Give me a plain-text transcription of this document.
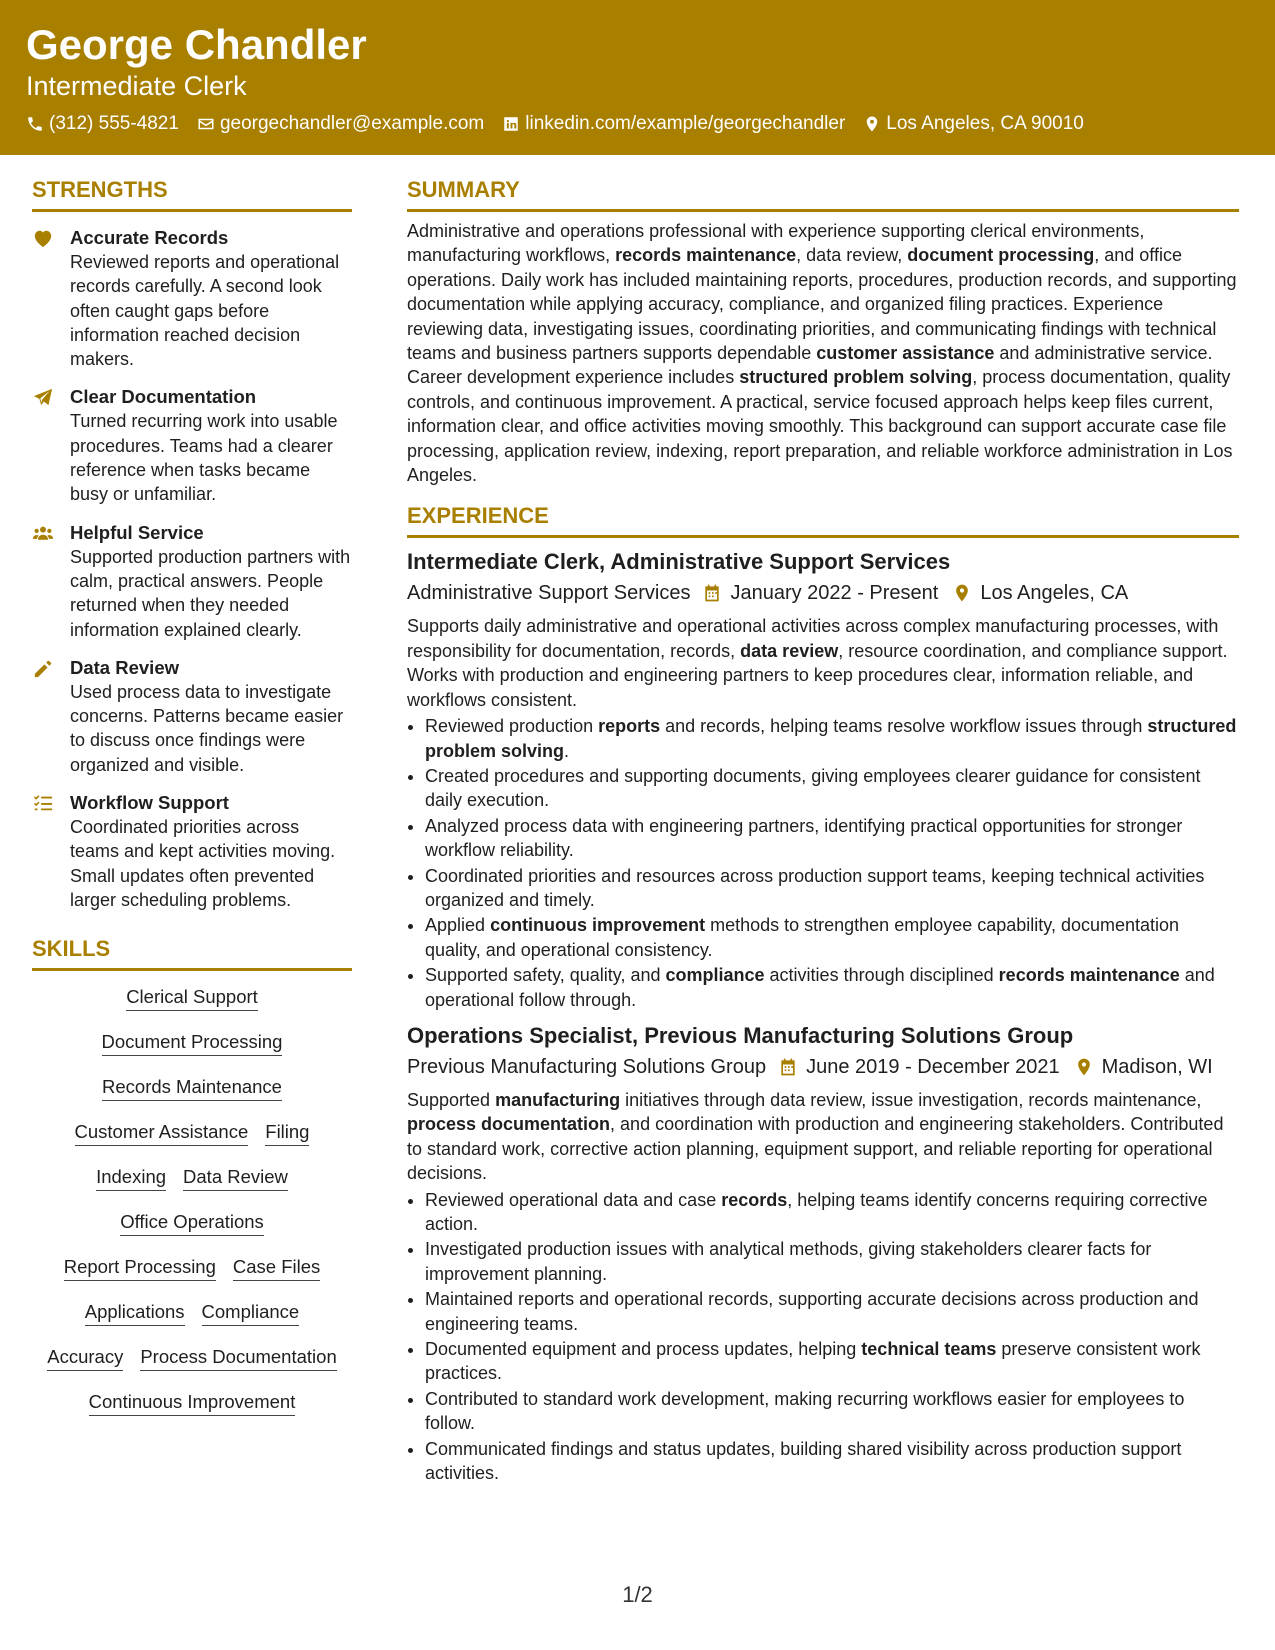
George Chandler
Intermediate Clerk
(312) 555-4821 georgechandler@example.com linkedin.com/example/georgechandler Los Angeles, CA 90010
STRENGTHS
Accurate Records
Reviewed reports and operational records carefully. A second look often caught gaps before information reached decision makers.
Clear Documentation
Turned recurring work into usable procedures. Teams had a clearer reference when tasks became busy or unfamiliar.
Helpful Service
Supported production partners with calm, practical answers. People returned when they needed information explained clearly.
Data Review
Used process data to investigate concerns. Patterns became easier to discuss once findings were organized and visible.
Workflow Support
Coordinated priorities across teams and kept activities moving. Small updates often prevented larger scheduling problems.
SKILLS
Clerical Support
Document Processing
Records Maintenance
Customer Assistance Filing
Indexing Data Review
Office Operations
Report Processing Case Files
Applications Compliance
Accuracy Process Documentation
Continuous Improvement
SUMMARY
Administrative and operations professional with experience supporting clerical environments, manufacturing workflows, records maintenance, data review, document processing, and office operations. Daily work has included maintaining reports, procedures, production records, and supporting documentation while applying accuracy, compliance, and organized filing practices. Experience reviewing data, investigating issues, coordinating priorities, and communicating findings with technical teams and business partners supports dependable customer assistance and administrative service. Career development experience includes structured problem solving, process documentation, quality controls, and continuous improvement. A practical, service focused approach helps keep files current, information clear, and office activities moving smoothly. This background can support accurate case file processing, application review, indexing, report preparation, and reliable workforce administration in Los Angeles.
EXPERIENCE
Intermediate Clerk, Administrative Support Services
Administrative Support Services January 2022 - Present Los Angeles, CA
Supports daily administrative and operational activities across complex manufacturing processes, with responsibility for documentation, records, data review, resource coordination, and compliance support. Works with production and engineering partners to keep procedures clear, information reliable, and workflows consistent.
• Reviewed production reports and records, helping teams resolve workflow issues through structured problem solving.
• Created procedures and supporting documents, giving employees clearer guidance for consistent daily execution.
• Analyzed process data with engineering partners, identifying practical opportunities for stronger workflow reliability.
• Coordinated priorities and resources across production support teams, keeping technical activities organized and timely.
• Applied continuous improvement methods to strengthen employee capability, documentation quality, and operational consistency.
• Supported safety, quality, and compliance activities through disciplined records maintenance and operational follow through.
Operations Specialist, Previous Manufacturing Solutions Group
Previous Manufacturing Solutions Group June 2019 - December 2021 Madison, WI
Supported manufacturing initiatives through data review, issue investigation, records maintenance, process documentation, and coordination with production and engineering stakeholders. Contributed to standard work, corrective action planning, equipment support, and reliable reporting for operational decisions.
• Reviewed operational data and case records, helping teams identify concerns requiring corrective action.
• Investigated production issues with analytical methods, giving stakeholders clearer facts for improvement planning.
• Maintained reports and operational records, supporting accurate decisions across production and engineering teams.
• Documented equipment and process updates, helping technical teams preserve consistent work practices.
• Contributed to standard work development, making recurring workflows easier for employees to follow.
• Communicated findings and status updates, building shared visibility across production support activities.
1/2
